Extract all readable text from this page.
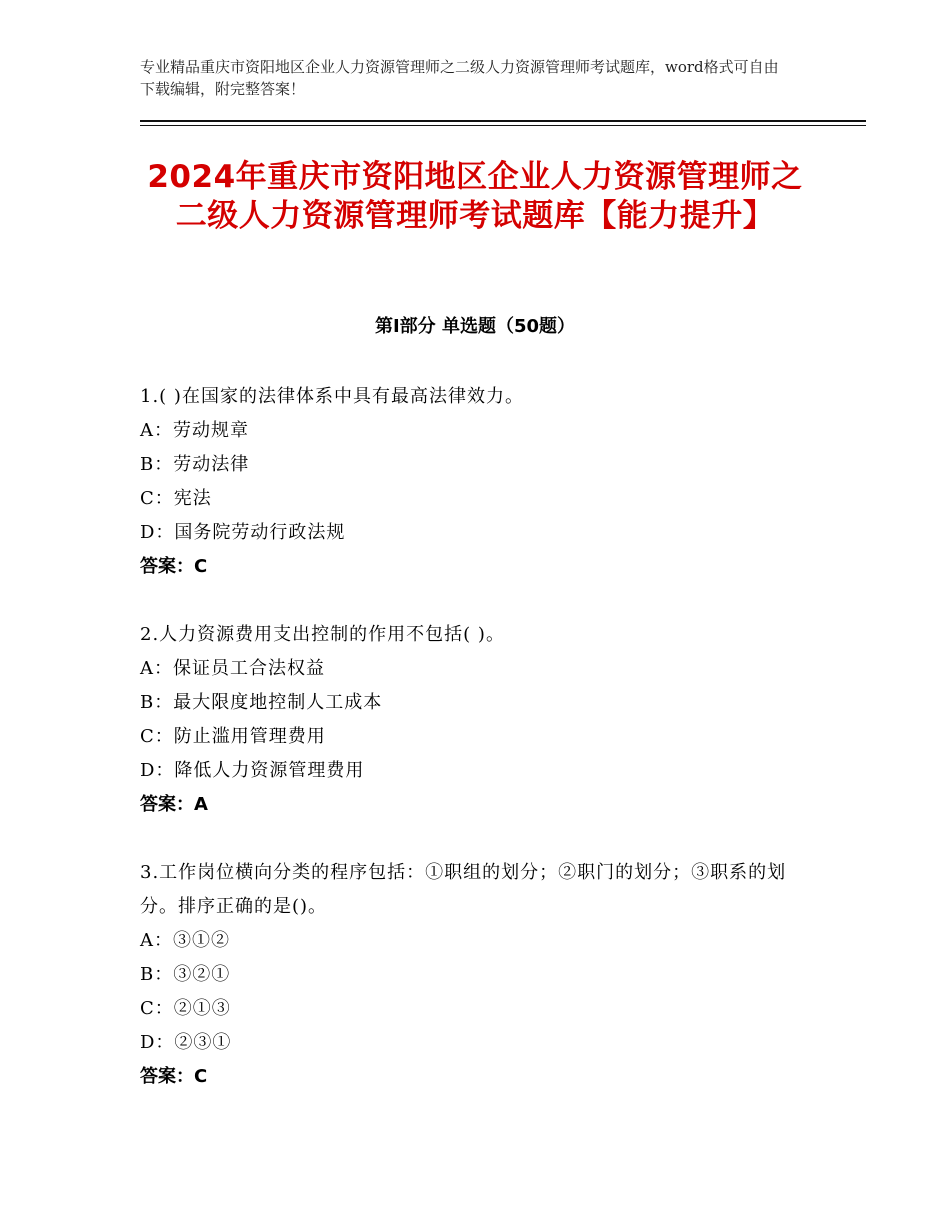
专业精品重庆市资阳地区企业人力资源管理师之二级人力资源管理师考试题库，word格式可自由下载编辑，附完整答案！
2024年重庆市资阳地区企业人力资源管理师之二级人力资源管理师考试题库【能力提升】
第Ⅰ部分 单选题（50题）

1.( )在国家的法律体系中具有最高法律效力。

A：劳动规章

B：劳动法律

C：宪法

D：国务院劳动行政法规

答案：C

2.人力资源费用支出控制的作用不包括( )。

A：保证员工合法权益

B：最大限度地控制人工成本

C：防止滥用管理费用

D：降低人力资源管理费用

答案：A

3.工作岗位横向分类的程序包括：①职组的划分；②职门的划分；③职系的划分。排序正确的是()。

A：③①②

B：③②①

C：②①③

D：②③①

答案：C
